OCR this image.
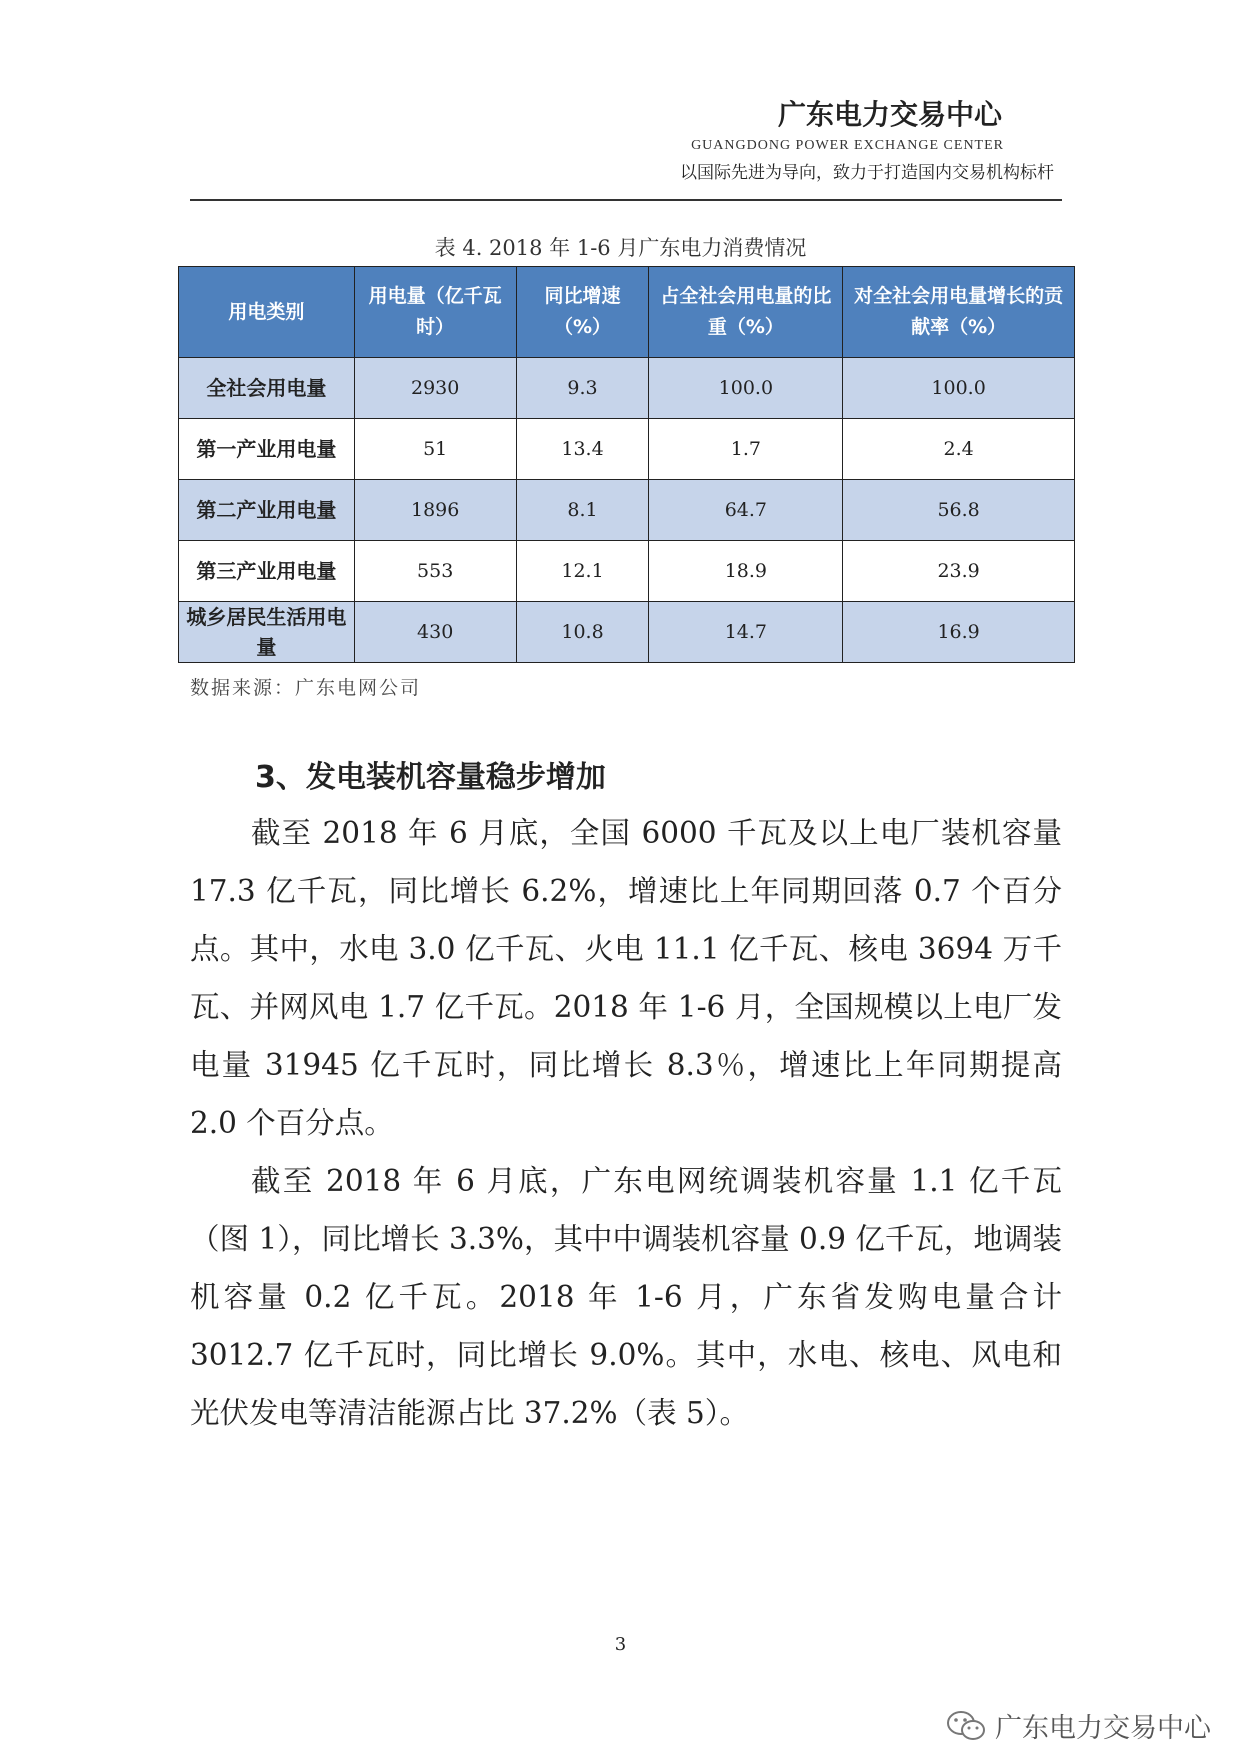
广东电力交易中心
GUANGDONG POWER EXCHANGE CENTER
以国际先进为导向，致力于打造国内交易机构标杆
表 4. 2018 年 1-6 月广东电力消费情况
用电类别	用电量（亿千瓦时）	同比增速（%）	占全社会用电量的比重（%）	对全社会用电量增长的贡献率（%）
全社会用电量	2930	9.3	100.0	100.0
第一产业用电量	51	13.4	1.7	2.4
第二产业用电量	1896	8.1	64.7	56.8
第三产业用电量	553	12.1	18.9	23.9
城乡居民生活用电量	430	10.8	14.7	16.9
数据来源：广东电网公司
3、发电装机容量稳步增加

截至 2018 年 6 月底，全国 6000 千瓦及以上电厂装机容量 17.3 亿千瓦，同比增长 6.2%，增速比上年同期回落 0.7 个百分点。其中，水电 3.0 亿千瓦、火电 11.1 亿千瓦、核电 3694 万千瓦、并网风电 1.7 亿千瓦。2018 年 1-6 月，全国规模以上电厂发电量 31945 亿千瓦时，同比增长 8.3％，增速比上年同期提高 2.0 个百分点。

截至 2018 年 6 月底，广东电网统调装机容量 1.1 亿千瓦（图 1），同比增长 3.3%，其中中调装机容量 0.9 亿千瓦，地调装机容量 0.2 亿千瓦。2018 年 1-6 月，广东省发购电量合计 3012.7 亿千瓦时，同比增长 9.0%。其中，水电、核电、风电和光伏发电等清洁能源占比 37.2%（表 5）。

3
广东电力交易中心
